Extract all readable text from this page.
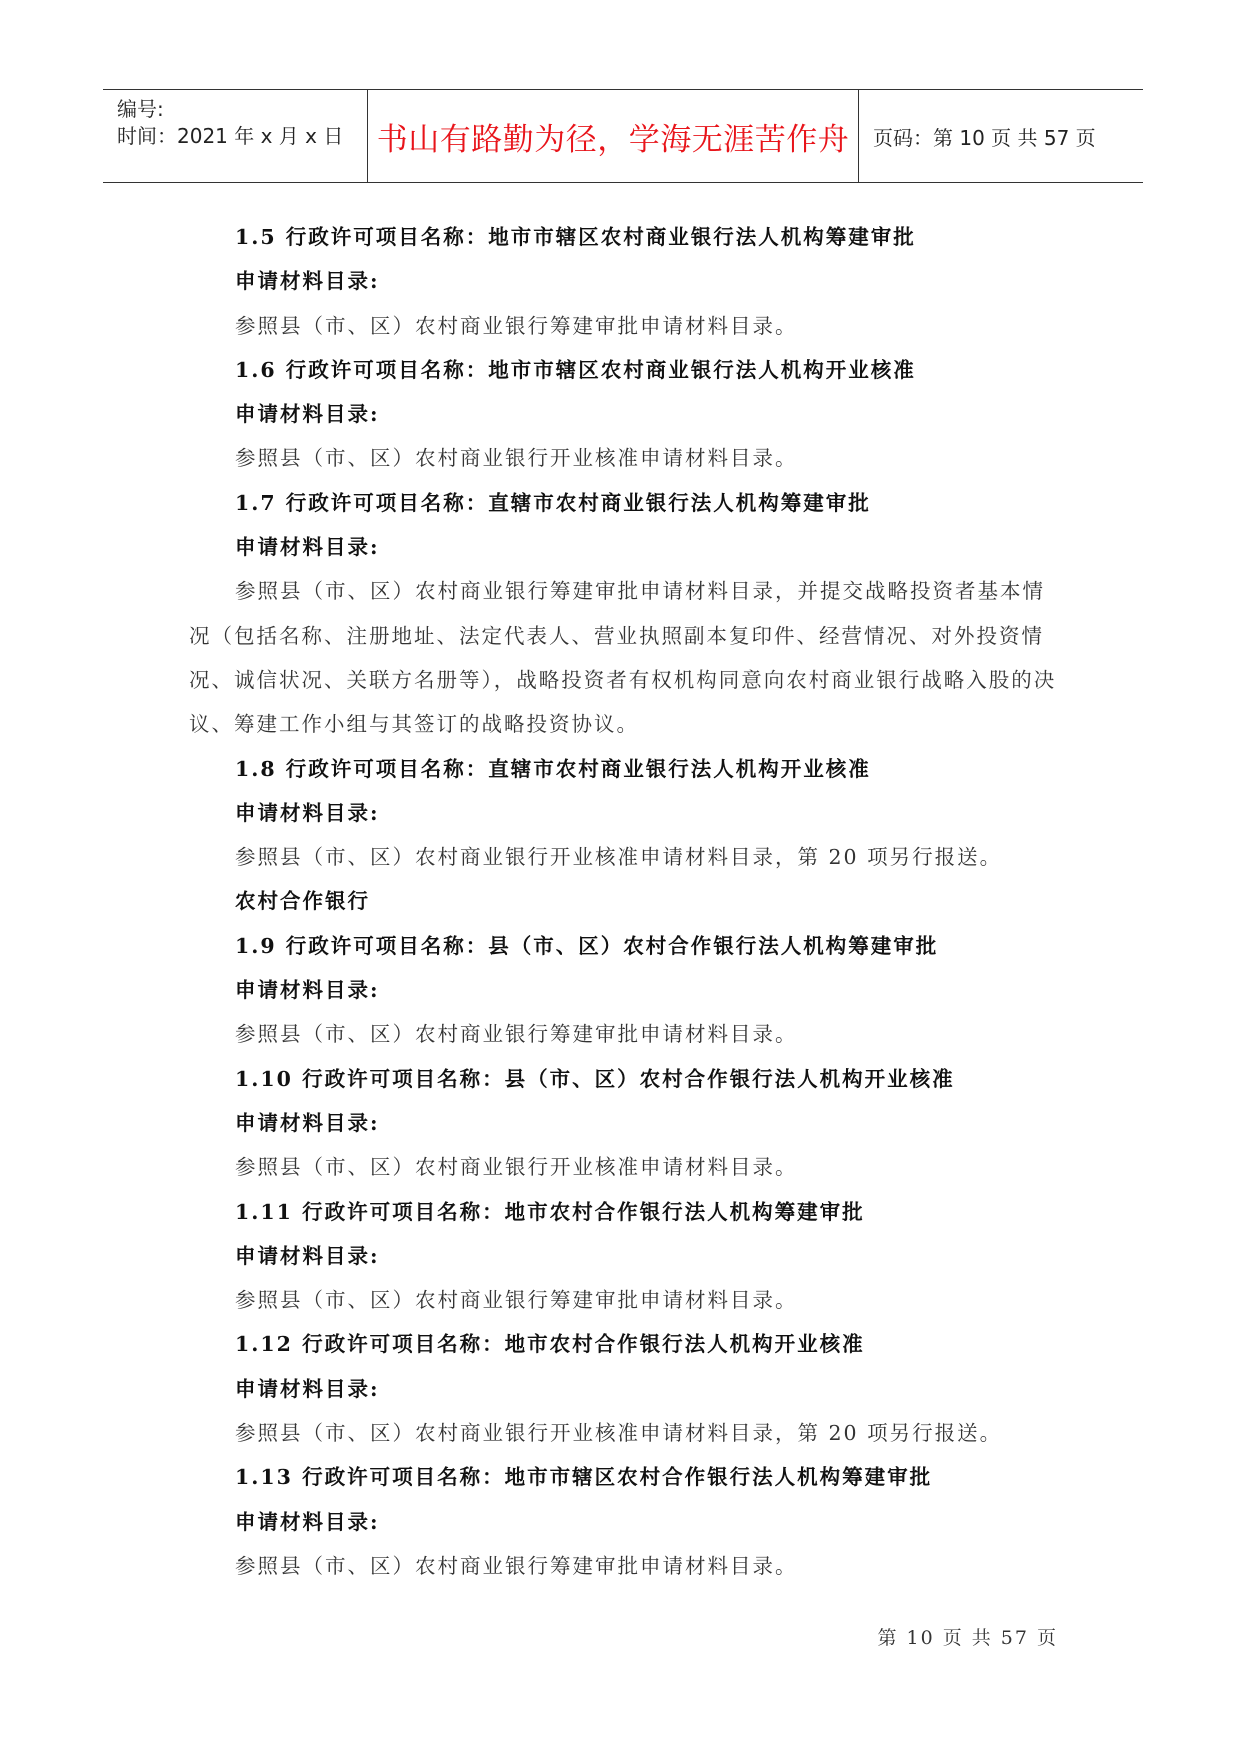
编号:
时间：2021 年 x 月 x 日	书山有路勤为径，学海无涯苦作舟	页码：第 10 页 共 57 页
1.5 行政许可项目名称：地市市辖区农村商业银行法人机构筹建审批
申请材料目录:
参照县（市、区）农村商业银行筹建审批申请材料目录。
1.6 行政许可项目名称：地市市辖区农村商业银行法人机构开业核准
申请材料目录:
参照县（市、区）农村商业银行开业核准申请材料目录。
1.7 行政许可项目名称：直辖市农村商业银行法人机构筹建审批
申请材料目录:
参照县（市、区）农村商业银行筹建审批申请材料目录，并提交战略投资者基本情
况（包括名称、注册地址、法定代表人、营业执照副本复印件、经营情况、对外投资情
况、诚信状况、关联方名册等），战略投资者有权机构同意向农村商业银行战略入股的决
议、筹建工作小组与其签订的战略投资协议。
1.8 行政许可项目名称：直辖市农村商业银行法人机构开业核准
申请材料目录:
参照县（市、区）农村商业银行开业核准申请材料目录，第 20 项另行报送。
农村合作银行
1.9 行政许可项目名称：县（市、区）农村合作银行法人机构筹建审批
申请材料目录:
参照县（市、区）农村商业银行筹建审批申请材料目录。
1.10 行政许可项目名称：县（市、区）农村合作银行法人机构开业核准
申请材料目录:
参照县（市、区）农村商业银行开业核准申请材料目录。
1.11 行政许可项目名称：地市农村合作银行法人机构筹建审批
申请材料目录:
参照县（市、区）农村商业银行筹建审批申请材料目录。
1.12 行政许可项目名称：地市农村合作银行法人机构开业核准
申请材料目录:
参照县（市、区）农村商业银行开业核准申请材料目录，第 20 项另行报送。
1.13 行政许可项目名称：地市市辖区农村合作银行法人机构筹建审批
申请材料目录:
参照县（市、区）农村商业银行筹建审批申请材料目录。
第 10 页 共 57 页
